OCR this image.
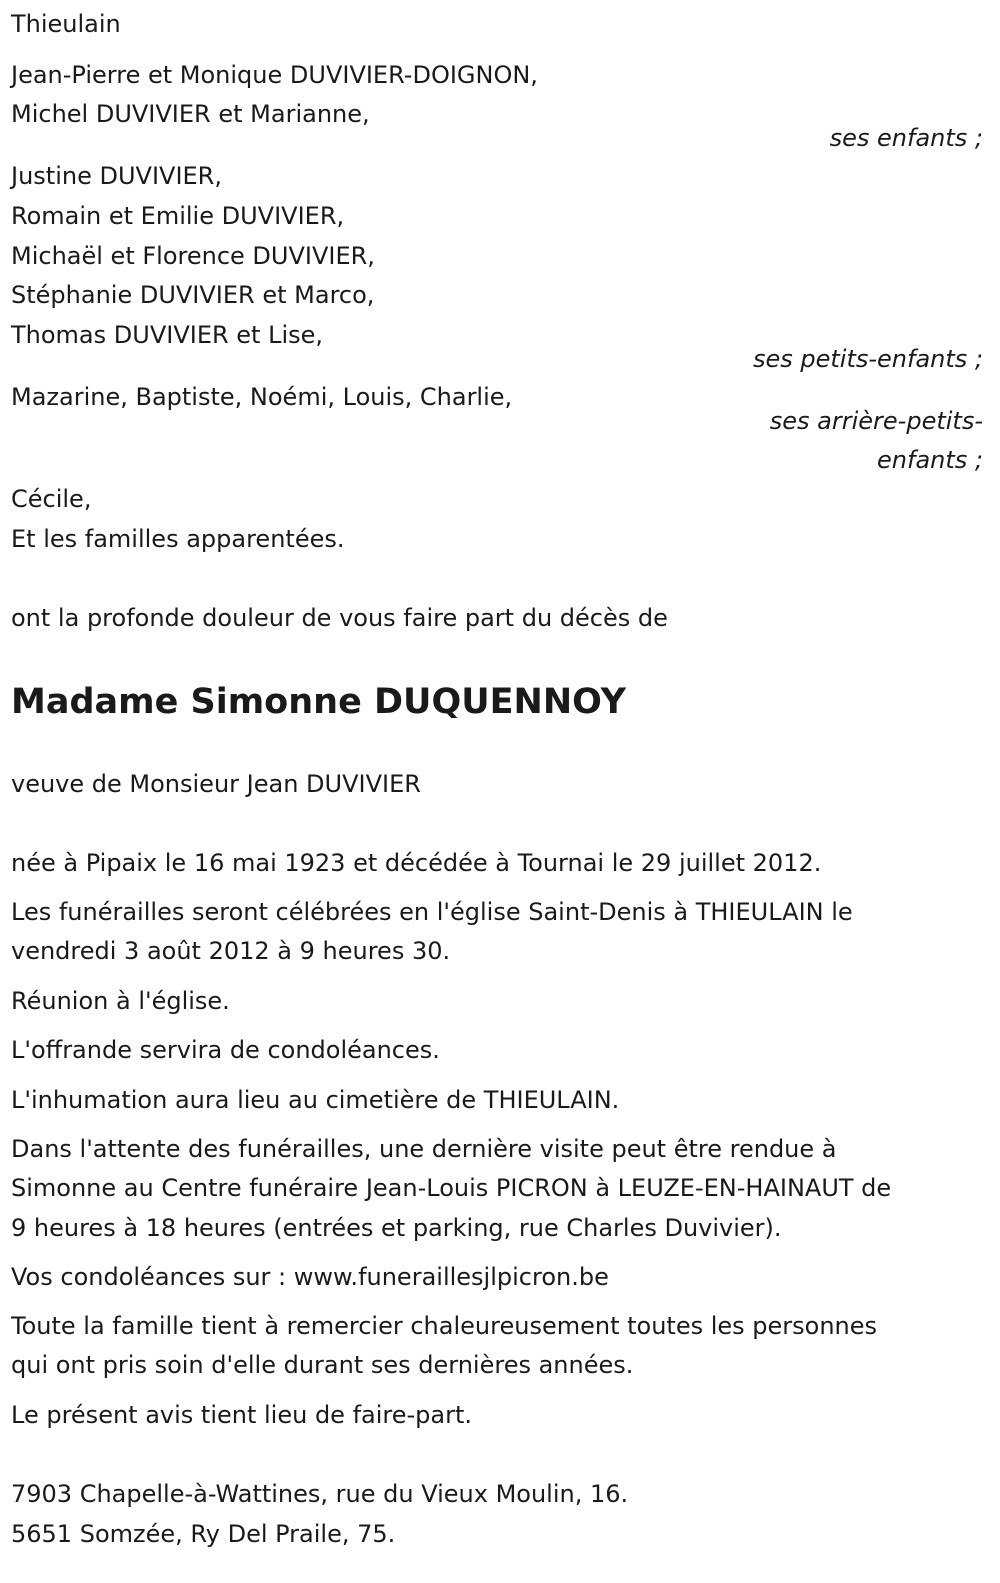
Thieulain
Jean-Pierre et Monique DUVIVIER-DOIGNON,
Michel DUVIVIER et Marianne,
ses enfants ;
Justine DUVIVIER,
Romain et Emilie DUVIVIER,
Michaël et Florence DUVIVIER,
Stéphanie DUVIVIER et Marco,
Thomas DUVIVIER et Lise,
ses petits-enfants ;
Mazarine, Baptiste, Noémi, Louis, Charlie,
ses arrière-petits-
enfants ;
Cécile,
Et les familles apparentées.
ont la profonde douleur de vous faire part du décès de
Madame Simonne DUQUENNOY
veuve de Monsieur Jean DUVIVIER
née à Pipaix le 16 mai 1923 et décédée à Tournai le 29 juillet 2012.
Les funérailles seront célébrées en l'église Saint-Denis à THIEULAIN le
vendredi 3 août 2012 à 9 heures 30.
Réunion à l'église.
L'offrande servira de condoléances.
L'inhumation aura lieu au cimetière de THIEULAIN.
Dans l'attente des funérailles, une dernière visite peut être rendue à
Simonne au Centre funéraire Jean-Louis PICRON à LEUZE-EN-HAINAUT de
9 heures à 18 heures (entrées et parking, rue Charles Duvivier).
Vos condoléances sur : www.funeraillesjlpicron.be
Toute la famille tient à remercier chaleureusement toutes les personnes
qui ont pris soin d'elle durant ses dernières années.
Le présent avis tient lieu de faire-part.
7903 Chapelle-à-Wattines, rue du Vieux Moulin, 16.
5651 Somzée, Ry Del Praile, 75.
